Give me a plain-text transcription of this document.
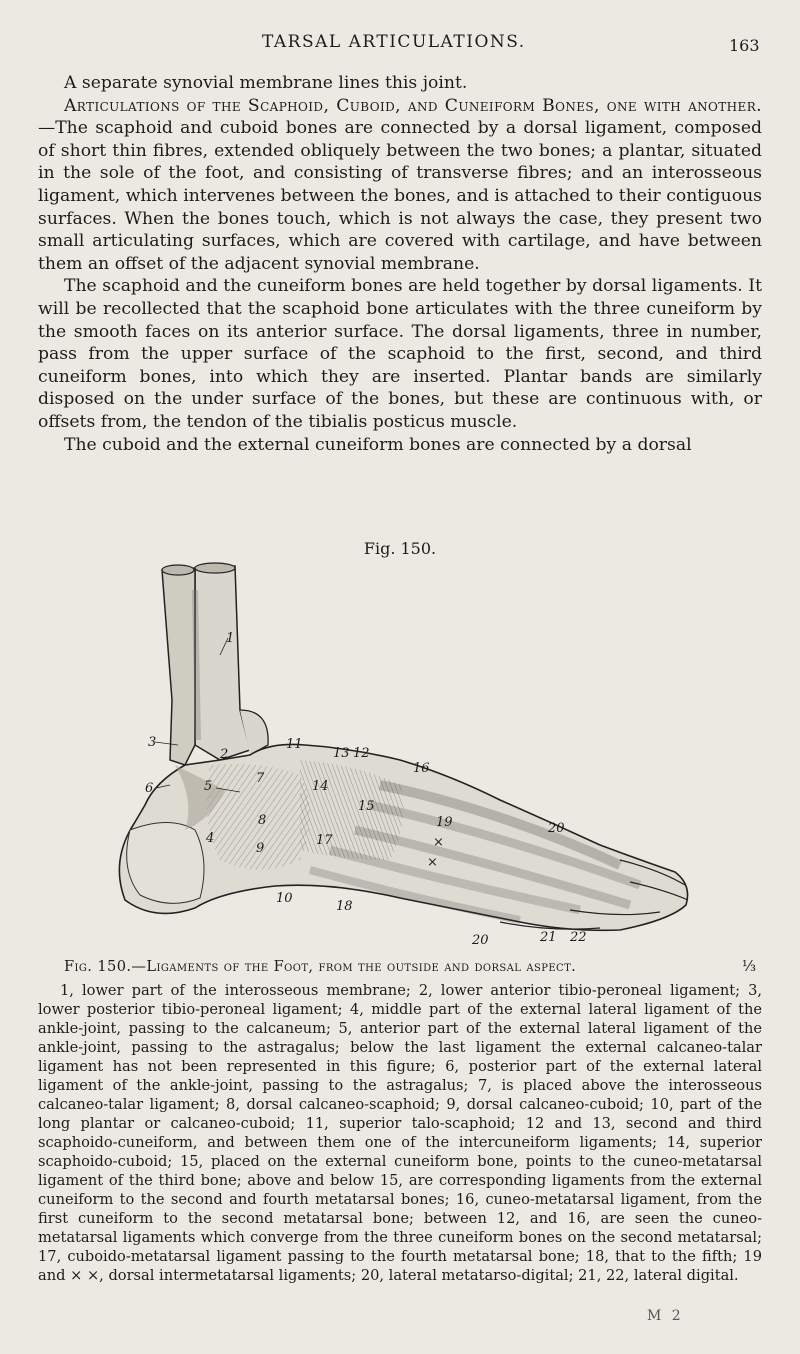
TARSAL ARTICULATIONS.	163

A separate synovial membrane lines this joint.

Articulations of the Scaphoid, Cuboid, and Cuneiform Bones, one with another.—The scaphoid and cuboid bones are connected by a dorsal ligament, composed of short thin fibres, extended obliquely between the two bones; a plantar, situated in the sole of the foot, and consisting of transverse fibres; and an interosseous ligament, which intervenes between the bones, and is attached to their contiguous surfaces. When the bones touch, which is not always the case, they present two small articulating surfaces, which are covered with cartilage, and have between them an offset of the adjacent synovial membrane.

The scaphoid and the cuneiform bones are held together by dorsal ligaments. It will be recollected that the scaphoid bone articulates with the three cuneiform by the smooth faces on its anterior surface. The dorsal ligaments, three in number, pass from the upper surface of the scaphoid to the first, second, and third cuneiform bones, into which they are inserted. Plantar bands are similarly disposed on the under surface of the bones, but these are continuous with, or offsets from, the tendon of the tibialis posticus muscle.

The cuboid and the external cuneiform bones are connected by a dorsal

Fig. 150.
1
2
3
4
5
6
7
8
9
10
11
12
13
14
15
16
17
18
19	20
20	21 22
×
×

Fig. 150.—Ligaments of the Foot, from the outside and dorsal aspect.	⅓

1, lower part of the interosseous membrane; 2, lower anterior tibio-peroneal ligament; 3, lower posterior tibio-peroneal ligament; 4, middle part of the external lateral ligament of the ankle-joint, passing to the calcaneum; 5, anterior part of the external lateral ligament of the ankle-joint, passing to the astragalus; below the last ligament the external calcaneo-talar ligament has not been represented in this figure; 6, posterior part of the external lateral ligament of the ankle-joint, passing to the astragalus; 7, is placed above the interosseous calcaneo-talar ligament; 8, dorsal calcaneo-scaphoid; 9, dorsal calcaneo-cuboid; 10, part of the long plantar or calcaneo-cuboid; 11, superior talo-scaphoid; 12 and 13, second and third scaphoido-cuneiform, and between them one of the intercuneiform ligaments; 14, superior scaphoido-cuboid; 15, placed on the external cuneiform bone, points to the cuneo-metatarsal ligament of the third bone; above and below 15, are corresponding ligaments from the external cuneiform to the second and fourth metatarsal bones; 16, cuneo-metatarsal ligament, from the first cuneiform to the second metatarsal bone; between 12, and 16, are seen the cuneo-metatarsal ligaments which converge from the three cuneiform bones on the second metatarsal; 17, cuboido-metatarsal ligament passing to the fourth metatarsal bone; 18, that to the fifth; 19 and × ×, dorsal intermetatarsal ligaments; 20, lateral metatarso-digital; 21, 22, lateral digital.

M 2
